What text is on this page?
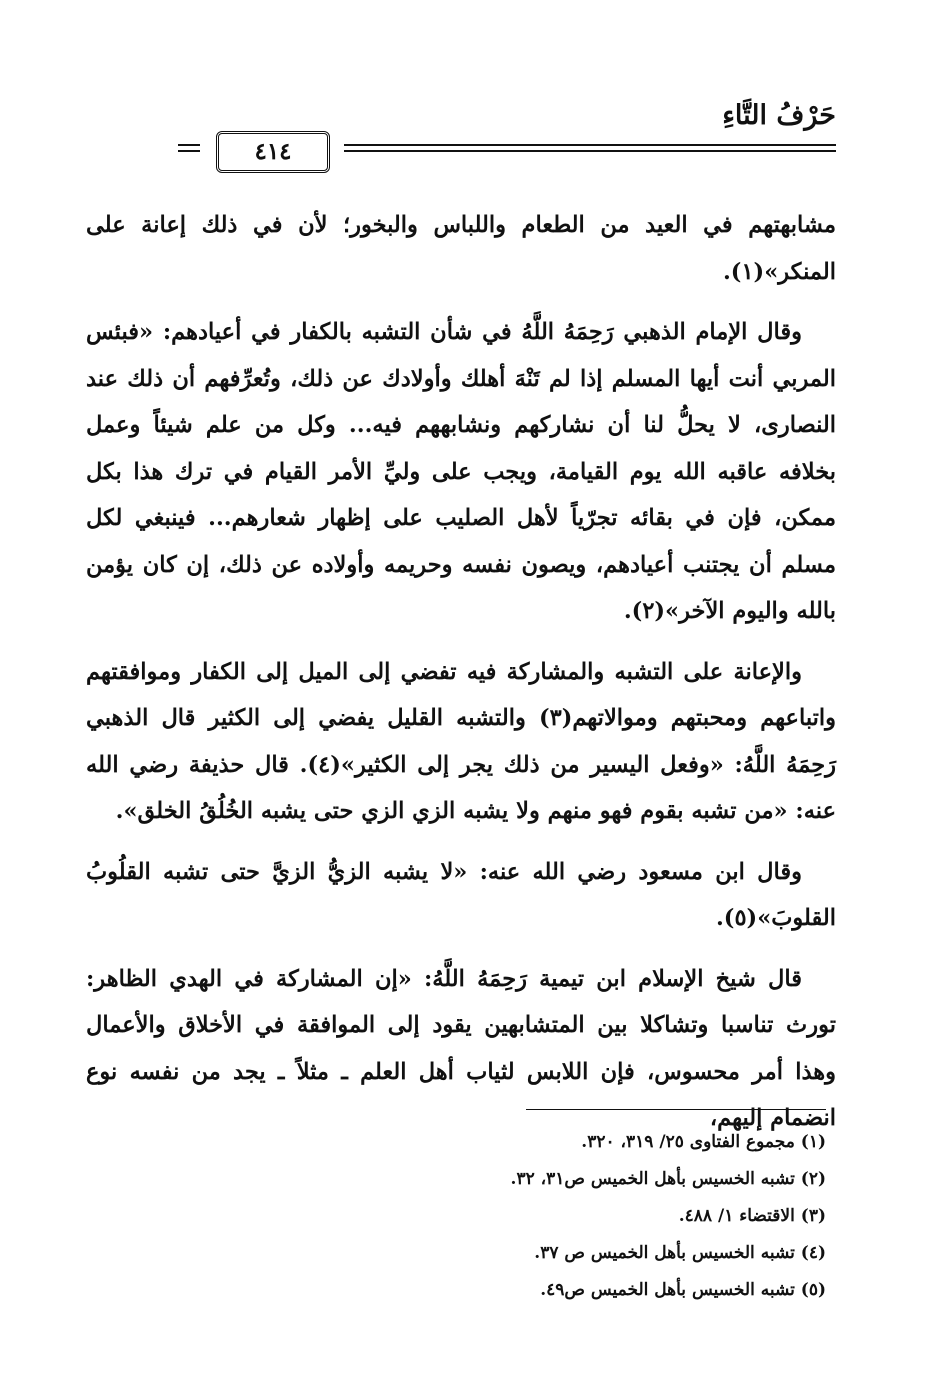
حَرْفُ التَّاءِ
٤١٤

مشابهتهم في العيد من الطعام واللباس والبخور؛ لأن في ذلك إعانة على المنكر»(١).

وقال الإمام الذهبي رَحِمَهُ اللَّهُ في شأن التشبه بالكفار في أعيادهم: «فبئس المربي أنت أيها المسلم إذا لم تَنْهَ أهلك وأولادك عن ذلك، وتُعرِّفهم أن ذلك عند النصارى، لا يحلُّ لنا أن نشاركهم ونشابههم فيه... وكل من علم شيئاً وعمل بخلافه عاقبه الله يوم القيامة، ويجب على وليِّ الأمر القيام في ترك هذا بكل ممكن، فإن في بقائه تجرّياً لأهل الصليب على إظهار شعارهم... فينبغي لكل مسلم أن يجتنب أعيادهم، ويصون نفسه وحريمه وأولاده عن ذلك، إن كان يؤمن بالله واليوم الآخر»(٢).

والإعانة على التشبه والمشاركة فيه تفضي إلى الميل إلى الكفار وموافقتهم واتباعهم ومحبتهم وموالاتهم(٣) والتشبه القليل يفضي إلى الكثير قال الذهبي رَحِمَهُ اللَّهُ: «وفعل اليسير من ذلك يجر إلى الكثير»(٤). قال حذيفة رضي الله عنه: «من تشبه بقوم فهو منهم ولا يشبه الزي الزي حتى يشبه الخُلُقُ الخلق».

وقال ابن مسعود رضي الله عنه: «لا يشبه الزيُّ الزيَّ حتى تشبه القلُوبُ القلوبَ»(٥).

قال شيخ الإسلام ابن تيمية رَحِمَهُ اللَّهُ: «إن المشاركة في الهدي الظاهر: تورث تناسبا وتشاكلا بين المتشابهين يقود إلى الموافقة في الأخلاق والأعمال وهذا أمر محسوس، فإن اللابس لثياب أهل العلم ـ مثلاً ـ يجد من نفسه نوع انضمام إليهم،

(١) مجموع الفتاوى ٢٥/ ٣١٩، ٣٢٠.
(٢) تشبه الخسيس بأهل الخميس ص٣١، ٣٢.
(٣) الاقتضاء ١/ ٤٨٨.
(٤) تشبه الخسيس بأهل الخميس ص ٣٧.
(٥) تشبه الخسيس بأهل الخميس ص٤٩.
